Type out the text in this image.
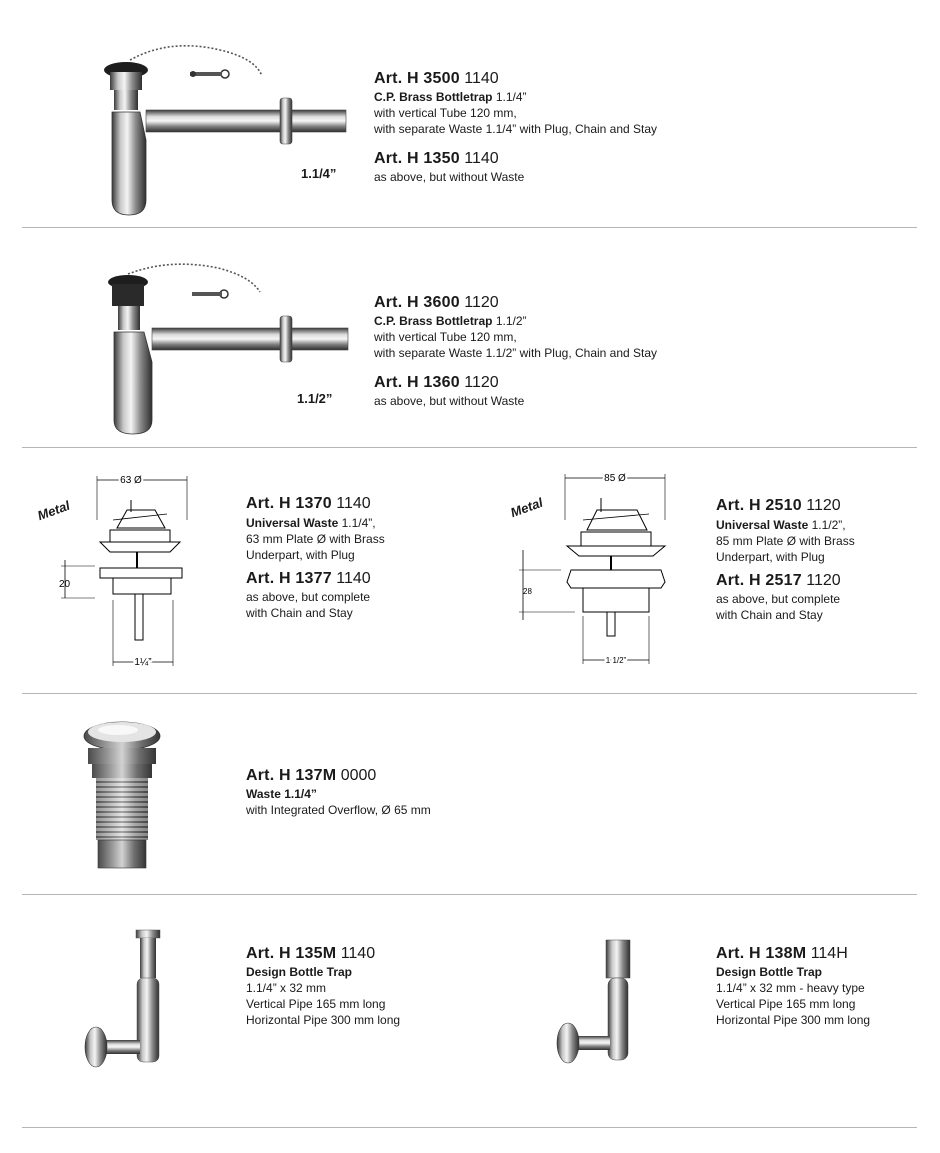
1.1/4”
Art. H 3500 1140
C.P. Brass Bottletrap 1.1/4”
with vertical Tube 120 mm,
with separate Waste 1.1/4” with Plug, Chain and Stay
Art. H 1350 1140
as above, but without Waste
1.1/2”
Art. H 3600 1120
C.P. Brass Bottletrap 1.1/2”
with vertical Tube 120 mm,
with separate Waste 1.1/2” with Plug, Chain and Stay
Art. H 1360 1120
as above, but without Waste
Metal
63 Ø
20
1¼”
Art. H 1370 1140
Universal Waste 1.1/4”,
63 mm Plate Ø with Brass
Underpart, with Plug
Art. H 1377 1140
as above, but complete
with Chain and Stay
Metal
85 Ø
28
1 1/2”
Art. H 2510 1120
Universal Waste 1.1/2”,
85 mm Plate Ø with Brass
Underpart, with Plug
Art. H 2517 1120
as above, but complete
with Chain and Stay
Art. H 137M 0000
Waste 1.1/4”
with Integrated Overflow, Ø 65 mm
Art. H 135M 1140
Design Bottle Trap
1.1/4” x 32 mm
Vertical Pipe 165 mm long
Horizontal Pipe 300 mm long
Art. H 138M 114H
Design Bottle Trap
1.1/4” x 32 mm - heavy type
Vertical Pipe 165 mm long
Horizontal Pipe 300 mm long
